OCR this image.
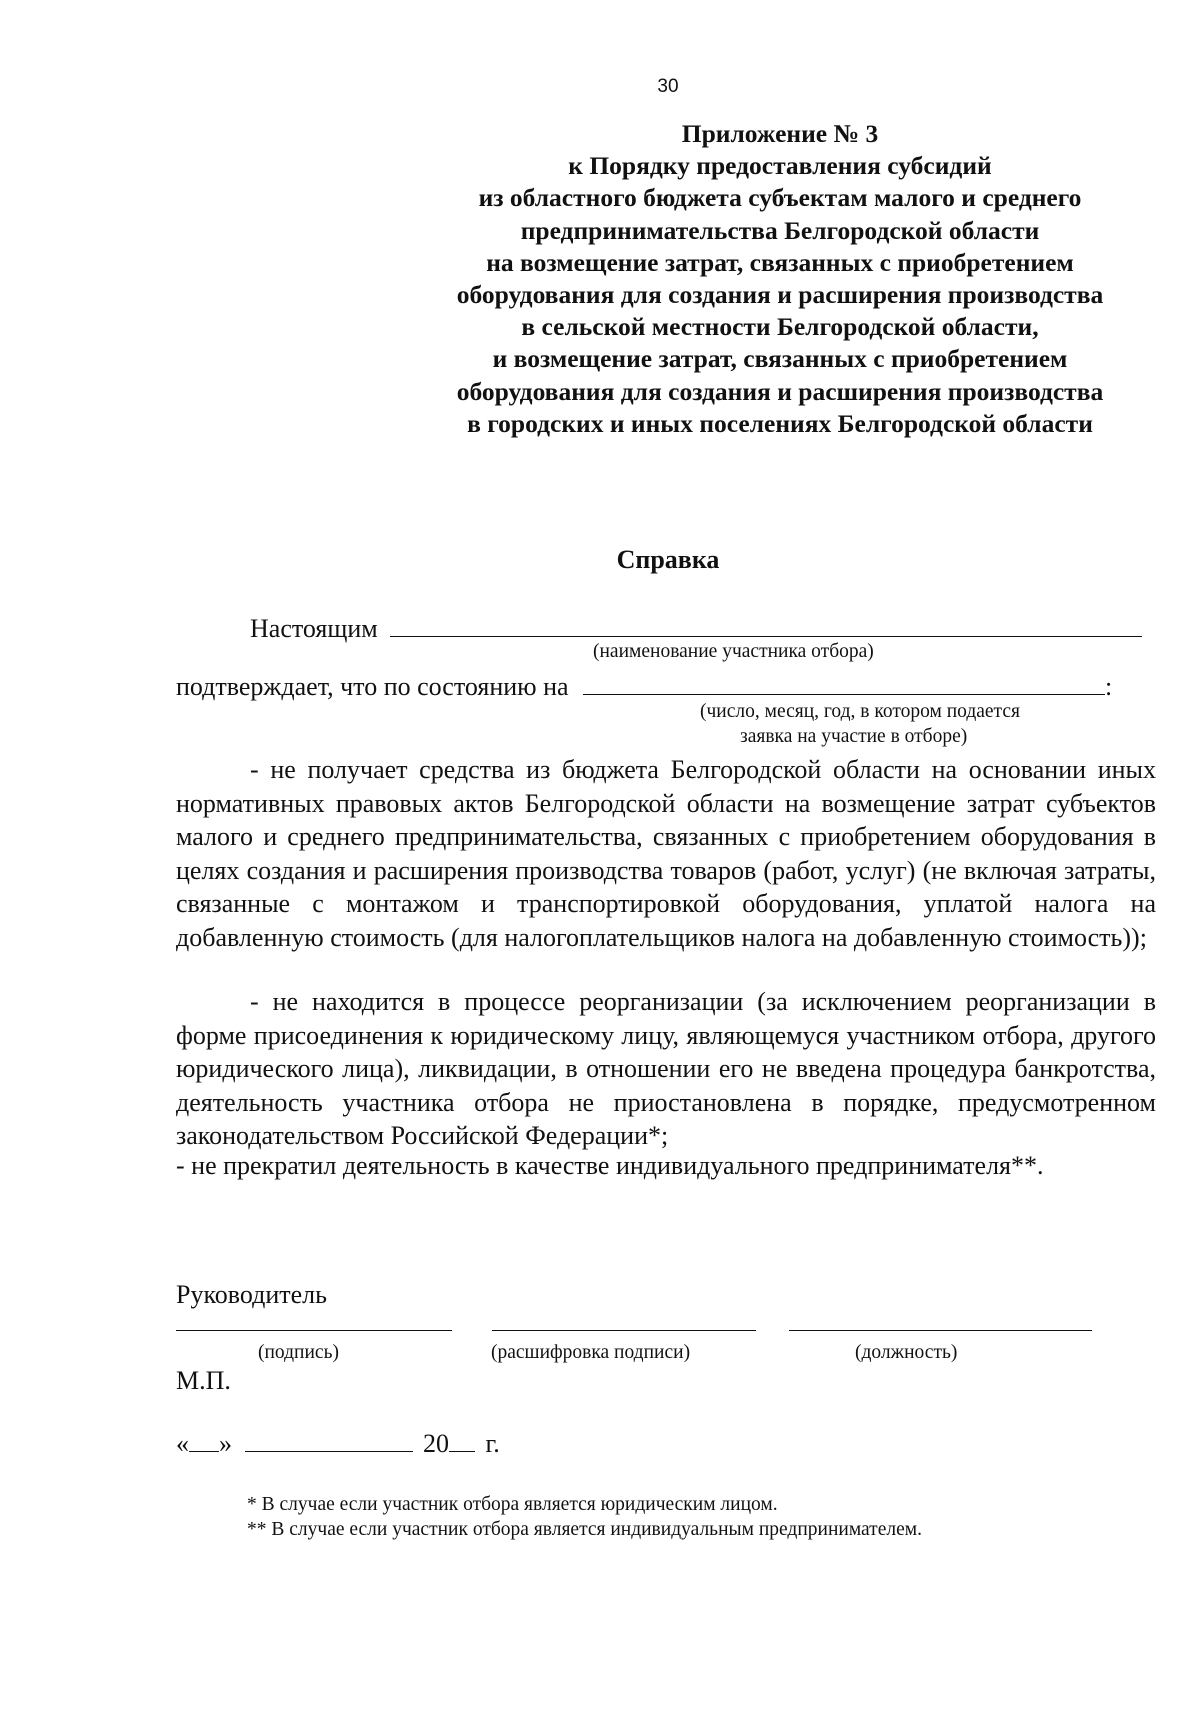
30
Приложение № 3
к Порядку предоставления субсидий
из областного бюджета субъектам малого и среднего
предпринимательства Белгородской области
на возмещение затрат, связанных с приобретением
оборудования для создания и расширения производства
в сельской местности Белгородской области,
и возмещение затрат, связанных с приобретением
оборудования для создания и расширения производства
в городских и иных поселениях Белгородской области
Справка
Настоящим
(наименование участника отбора)
подтверждает, что по состоянию на	:
(число, месяц, год, в котором подается
заявка на участие в отборе)
- не получает средства из бюджета Белгородской области на основании иных нормативных правовых актов Белгородской области на возмещение затрат субъектов малого и среднего предпринимательства, связанных с приобретением оборудования в целях создания и расширения производства товаров (работ, услуг) (не включая затраты, связанные с монтажом и транспортировкой оборудования, уплатой налога на добавленную стоимость (для налогоплательщиков налога на добавленную стоимость));
- не находится в процессе реорганизации (за исключением реорганизации в форме присоединения к юридическому лицу, являющемуся участником отбора, другого юридического лица), ликвидации, в отношении его не введена процедура банкротства, деятельность участника отбора не приостановлена в порядке, предусмотренном законодательством Российской Федерации*;
- не прекратил деятельность в качестве индивидуального предпринимателя**.
Руководитель
(подпись)	(расшифровка подписи)	(должность)
М.П.
« »	20 г.
* В случае если участник отбора является юридическим лицом.
** В случае если участник отбора является индивидуальным предпринимателем.
